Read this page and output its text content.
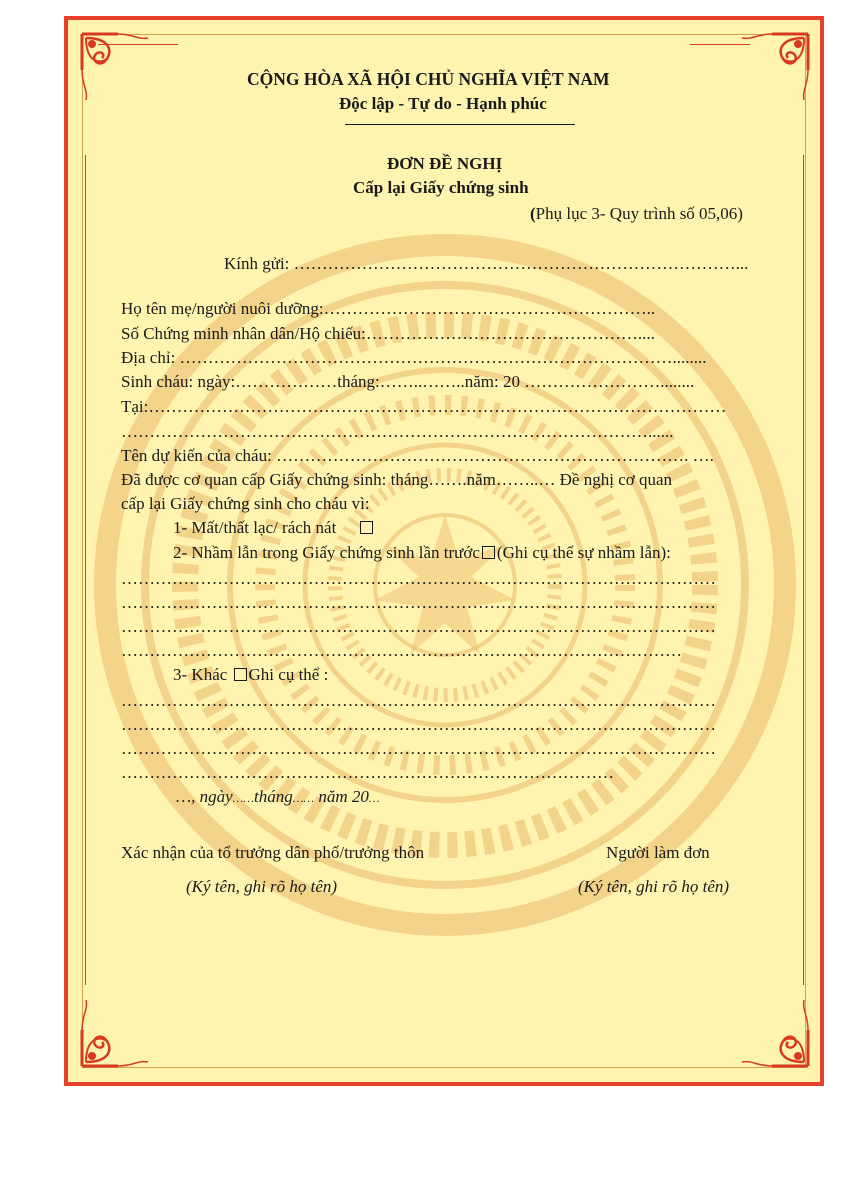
CỘNG HÒA XÃ HỘI CHỦ NGHĨA VIỆT NAM
Độc lập - Tự do - Hạnh phúc
ĐƠN ĐỀ NGHỊ
Cấp lại Giấy chứng sinh
(Phụ lục 3- Quy trình số 05,06)
Kính gửi: ……………………………………………………………………...
Họ tên mẹ/người nuôi dưỡng:…………………………………………………..
Số Chứng minh nhân dân/Hộ chiếu:…………………………………………....
Địa chỉ: ……………………………………………………………………………........
Sinh cháu: ngày:………………tháng:……..……..năm: 20 ……………………........
Tại:…………………………………………………………………………………………
…………………………………………………………………………………......
Tên dự kiến của cháu: ………………………………………………………………. ….
Đã được cơ quan cấp Giấy chứng sinh: tháng…….năm……..… Đề nghị cơ quan
cấp lại Giấy chứng sinh cho cháu vì:
1- Mất/thất lạc/ rách nát
2- Nhầm lẫn trong Giấy chứng sinh lần trước (Ghi cụ thể sự nhầm lẫn):
……………………………………………………………………………………………
……………………………………………………………………………………………
……………………………………………………………………………………………
………………………………………………………………………………………
3- Khác Ghi cụ thể :
……………………………………………………………………………………………
……………………………………………………………………………………………
……………………………………………………………………………………………
……………………………………………………………………………
…, ngày……tháng…… năm 20…
Xác nhận của tổ trưởng dân phố/trưởng thôn
(Ký tên, ghi rõ họ tên)
Người làm đơn
(Ký tên, ghi rõ họ tên)
